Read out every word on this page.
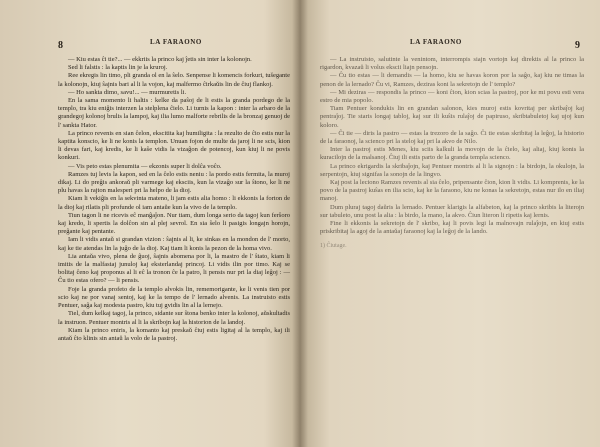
8	LA FARAONO

— Kiu estas ĉi tie?... — ekkriis la princo kaj ĵetis sin inter la kolonojn.

Sed li falstis : la kaptis lin je la kruroj.

Ree ekregis lin timo, pli granda ol en la ŝelo. Senpense li komencis forkuri, tušegante la kolonojn, kiuj ŝajnis bari al li la vojon, kaj malfermo ĉirkaŭis lin de ĉiuj flankoj.

— Ho sankta dimo, savu!... — murmuretis li.

En la sama momento li haltis : kelke da paŝoj de li estis la granda pordego de la templo, tra kiu eniĝis interzen la stelplena ĉielo. Li turnis la kapon : inter la arbaro de la grandegoj kolonoj brulis la lampoj, kaj ilia lumo malforte rebrilis de la bronzaj genuoj de l' sankta Hator.

La princo revenis en sian ĉelon, ekscitita kaj humiligita : la rezulto de ĉio estis nur la kaptita konscio, ke li ne konis la templon. Unuan fojon de multe da jaroj li ne scis, kion li devas fari, kaj kredis, ke li kaŝe vidis la vizaĝon de potencoj, kun kiuj li ne povis konkuri.

— Vis peto estas plenumita — ekzonis super li dolĉa voĉo.

Ramzes tuj levis la kapon, sed en la ĉelo estis neniu : la pordo estis fermita, la muroj dikaj. Li do preĝis ankoraŭ pli varmege kaj eksciis, kun la vizaĝo sur la ŝtono, ke li ne plu havas la rajton malesperi pri la helpo de la dioj.

Kiam li vekiĝis en la sekvinta mateno, li jam estis alia homo : li ekkonis la forton de la dioj kaj rilatis pli profunde ol iam antaŭe kun la vivo de la templo.

Tiun tagon li ne ricevis eĉ manĝaĵon. Nur tiam, dum longa serio da tagoj kun ferŝoro kaj kredo, li spertis la dolĉon sin al plej sevrol. En sia ŝelo li pasigis longajn horojn, preĝante kaj pentante.

Iam li vidis antaŭ si grandan vizion : ŝajnis al li, ke sinkas en la mondon de l' morto, kaj ke tie atendas lin la juĝo de la dioj. Kaj tiam li konis la pezon de la homa vivo.

Lia antaŭa vivo, plena de ĝuoj, ŝajnis abomena por li, la mastro de l' ŝtato, kiam li imitis de la malfastaj junuloj kaj eksterlandaj princoj. Li vidis ilin por timo. Kaj se bolitaj ĉeno kaj proponus al li eĉ la tronon ĉe la patro, li pensis nur pri la diaj leĝoj : — Ĉu tio estas ofero? — li pensis.

Foje la granda profeto de la templo alvokis lin, rememorigante, ke li venis tien por scio kaj ne por vanaj sentoj, kaj ke la tempo de l' lernado alvenis. La instruisto estis Pentuer, saĝa kaj modesta pastro, kiu tuj gvidis lin al la lernejo.

Tiel, dum kelkaj tagoj, la princo, sidante sur ŝtona benko inter la kolonoj, aŭskultadis la instruon. Pentuer montris al li la skribojn kaj la historion de la landoj.

Kiam la princo eniris, la komanto kaj preskaŭ ĉiuj estis ligitaj al la templo, kaj ili antaŭ ĉio klinis sin antaŭ la volo de la pastroj.

LA FARAONO	9

— La instruisto, salutinte la venintom, interrompis siajn vortojn kaj direktis al la princo la rigardon, kvazaŭ li volus ekscii liajn pensojn.

— Ĉu tio estas — li demandis — la homo, kiu se havas koron por la saĝo, kaj kiu ne timas la penon de la lernado? Ĉu vi, Ramzes, deziras koni la sekretojn de l' templo?

— Mi deziras — respondis la princo — koni ĉion, kion scias la pastroj, por ke mi povu esti vera estro de mia popolo.

Tiam Pentuer kondukis lin en grandan salonon, kies muroj estis kovritaj per skribaĵoj kaj pentraĵoj. Tie staris longaj tabloj, kaj sur ili kuŝis rulaĵoj de papiruso, skribtabuletoj kaj ujoj kun koloro.

— Ĉi tie — diris la pastro — estas la trezoro de la saĝo. Ĉi tie estas skribitaj la leĝoj, la historio de la faraonoj, la scienco pri la steloj kaj pri la akvo de Nilo.

Inter la pastroj estis Menes, kiu sciis kalkuli la movojn de la ĉielo, kaj aliaj, kiuj konis la kuracilojn de la malsanoj. Ĉiuj ili estis parto de la granda templa scienco.

La princo ekrigardis la skribaĵojn, kaj Pentuer montris al li la signojn : la birdojn, la okulojn, la serpentojn, kiuj signifas la sonojn de la lingvo.

Kaj post la leciono Ramzes revenis al sia ĉelo, pripensante ĉion, kion li vidis. Li komprenis, ke la povo de la pastroj kuŝas en ilia scio, kaj ke la faraono, kiu ne konas la sekretojn, estas nur ilo en iliaj manoj.

Dum pluraj tagoj daŭris la lernado. Pentuer klarigis la alfabeton, kaj la princo skribis la literojn sur tabuleto, unu post la alia : la birdo, la mano, la akvo. Ĉiun literon li ripetis kaj lernis.

Fine li ekkonis la sekretojn de l' skribo, kaj li povis legi la malnovajn rulaĵojn, en kiuj estis priskribitaj la agoj de la antaŭaj faraonoj kaj la leĝoj de la lando.

1) Ĉiutage.
